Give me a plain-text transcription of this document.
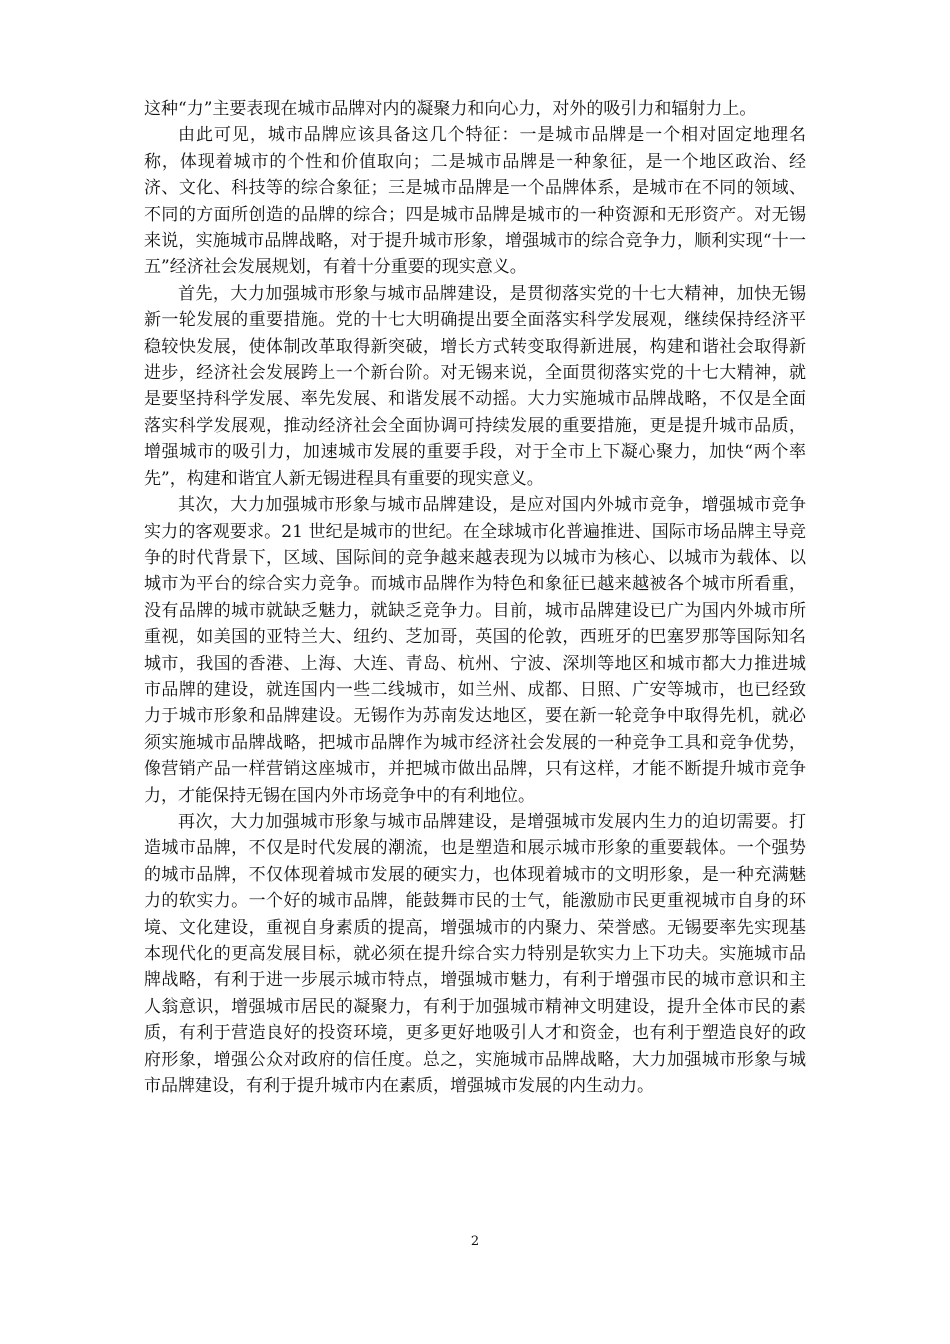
这种“力”主要表现在城市品牌对内的凝聚力和向心力，对外的吸引力和辐射力上。

由此可见，城市品牌应该具备这几个特征：一是城市品牌是一个相对固定地理名称，体现着城市的个性和价值取向；二是城市品牌是一种象征，是一个地区政治、经济、文化、科技等的综合象征；三是城市品牌是一个品牌体系，是城市在不同的领域、不同的方面所创造的品牌的综合；四是城市品牌是城市的一种资源和无形资产。对无锡来说，实施城市品牌战略，对于提升城市形象，增强城市的综合竞争力，顺利实现“十一五”经济社会发展规划，有着十分重要的现实意义。

首先，大力加强城市形象与城市品牌建设，是贯彻落实党的十七大精神，加快无锡新一轮发展的重要措施。党的十七大明确提出要全面落实科学发展观，继续保持经济平稳较快发展，使体制改革取得新突破，增长方式转变取得新进展，构建和谐社会取得新进步，经济社会发展跨上一个新台阶。对无锡来说，全面贯彻落实党的十七大精神，就是要坚持科学发展、率先发展、和谐发展不动摇。大力实施城市品牌战略，不仅是全面落实科学发展观，推动经济社会全面协调可持续发展的重要措施，更是提升城市品质，增强城市的吸引力，加速城市发展的重要手段，对于全市上下凝心聚力，加快“两个率先”，构建和谐宜人新无锡进程具有重要的现实意义。

其次，大力加强城市形象与城市品牌建设，是应对国内外城市竞争，增强城市竞争实力的客观要求。21 世纪是城市的世纪。在全球城市化普遍推进、国际市场品牌主导竞争的时代背景下，区域、国际间的竞争越来越表现为以城市为核心、以城市为载体、以城市为平台的综合实力竞争。而城市品牌作为特色和象征已越来越被各个城市所看重，没有品牌的城市就缺乏魅力，就缺乏竞争力。目前，城市品牌建设已广为国内外城市所重视，如美国的亚特兰大、纽约、芝加哥，英国的伦敦，西班牙的巴塞罗那等国际知名城市，我国的香港、上海、大连、青岛、杭州、宁波、深圳等地区和城市都大力推进城市品牌的建设，就连国内一些二线城市，如兰州、成都、日照、广安等城市，也已经致力于城市形象和品牌建设。无锡作为苏南发达地区，要在新一轮竞争中取得先机，就必须实施城市品牌战略，把城市品牌作为城市经济社会发展的一种竞争工具和竞争优势，像营销产品一样营销这座城市，并把城市做出品牌，只有这样，才能不断提升城市竞争力，才能保持无锡在国内外市场竞争中的有利地位。

再次，大力加强城市形象与城市品牌建设，是增强城市发展内生力的迫切需要。打造城市品牌，不仅是时代发展的潮流，也是塑造和展示城市形象的重要载体。一个强势的城市品牌，不仅体现着城市发展的硬实力，也体现着城市的文明形象，是一种充满魅力的软实力。一个好的城市品牌，能鼓舞市民的士气，能激励市民更重视城市自身的环境、文化建设，重视自身素质的提高，增强城市的内聚力、荣誉感。无锡要率先实现基本现代化的更高发展目标，就必须在提升综合实力特别是软实力上下功夫。实施城市品牌战略，有利于进一步展示城市特点，增强城市魅力，有利于增强市民的城市意识和主人翁意识，增强城市居民的凝聚力，有利于加强城市精神文明建设，提升全体市民的素质，有利于营造良好的投资环境，更多更好地吸引人才和资金，也有利于塑造良好的政府形象，增强公众对政府的信任度。总之，实施城市品牌战略，大力加强城市形象与城市品牌建设，有利于提升城市内在素质，增强城市发展的内生动力。

2
